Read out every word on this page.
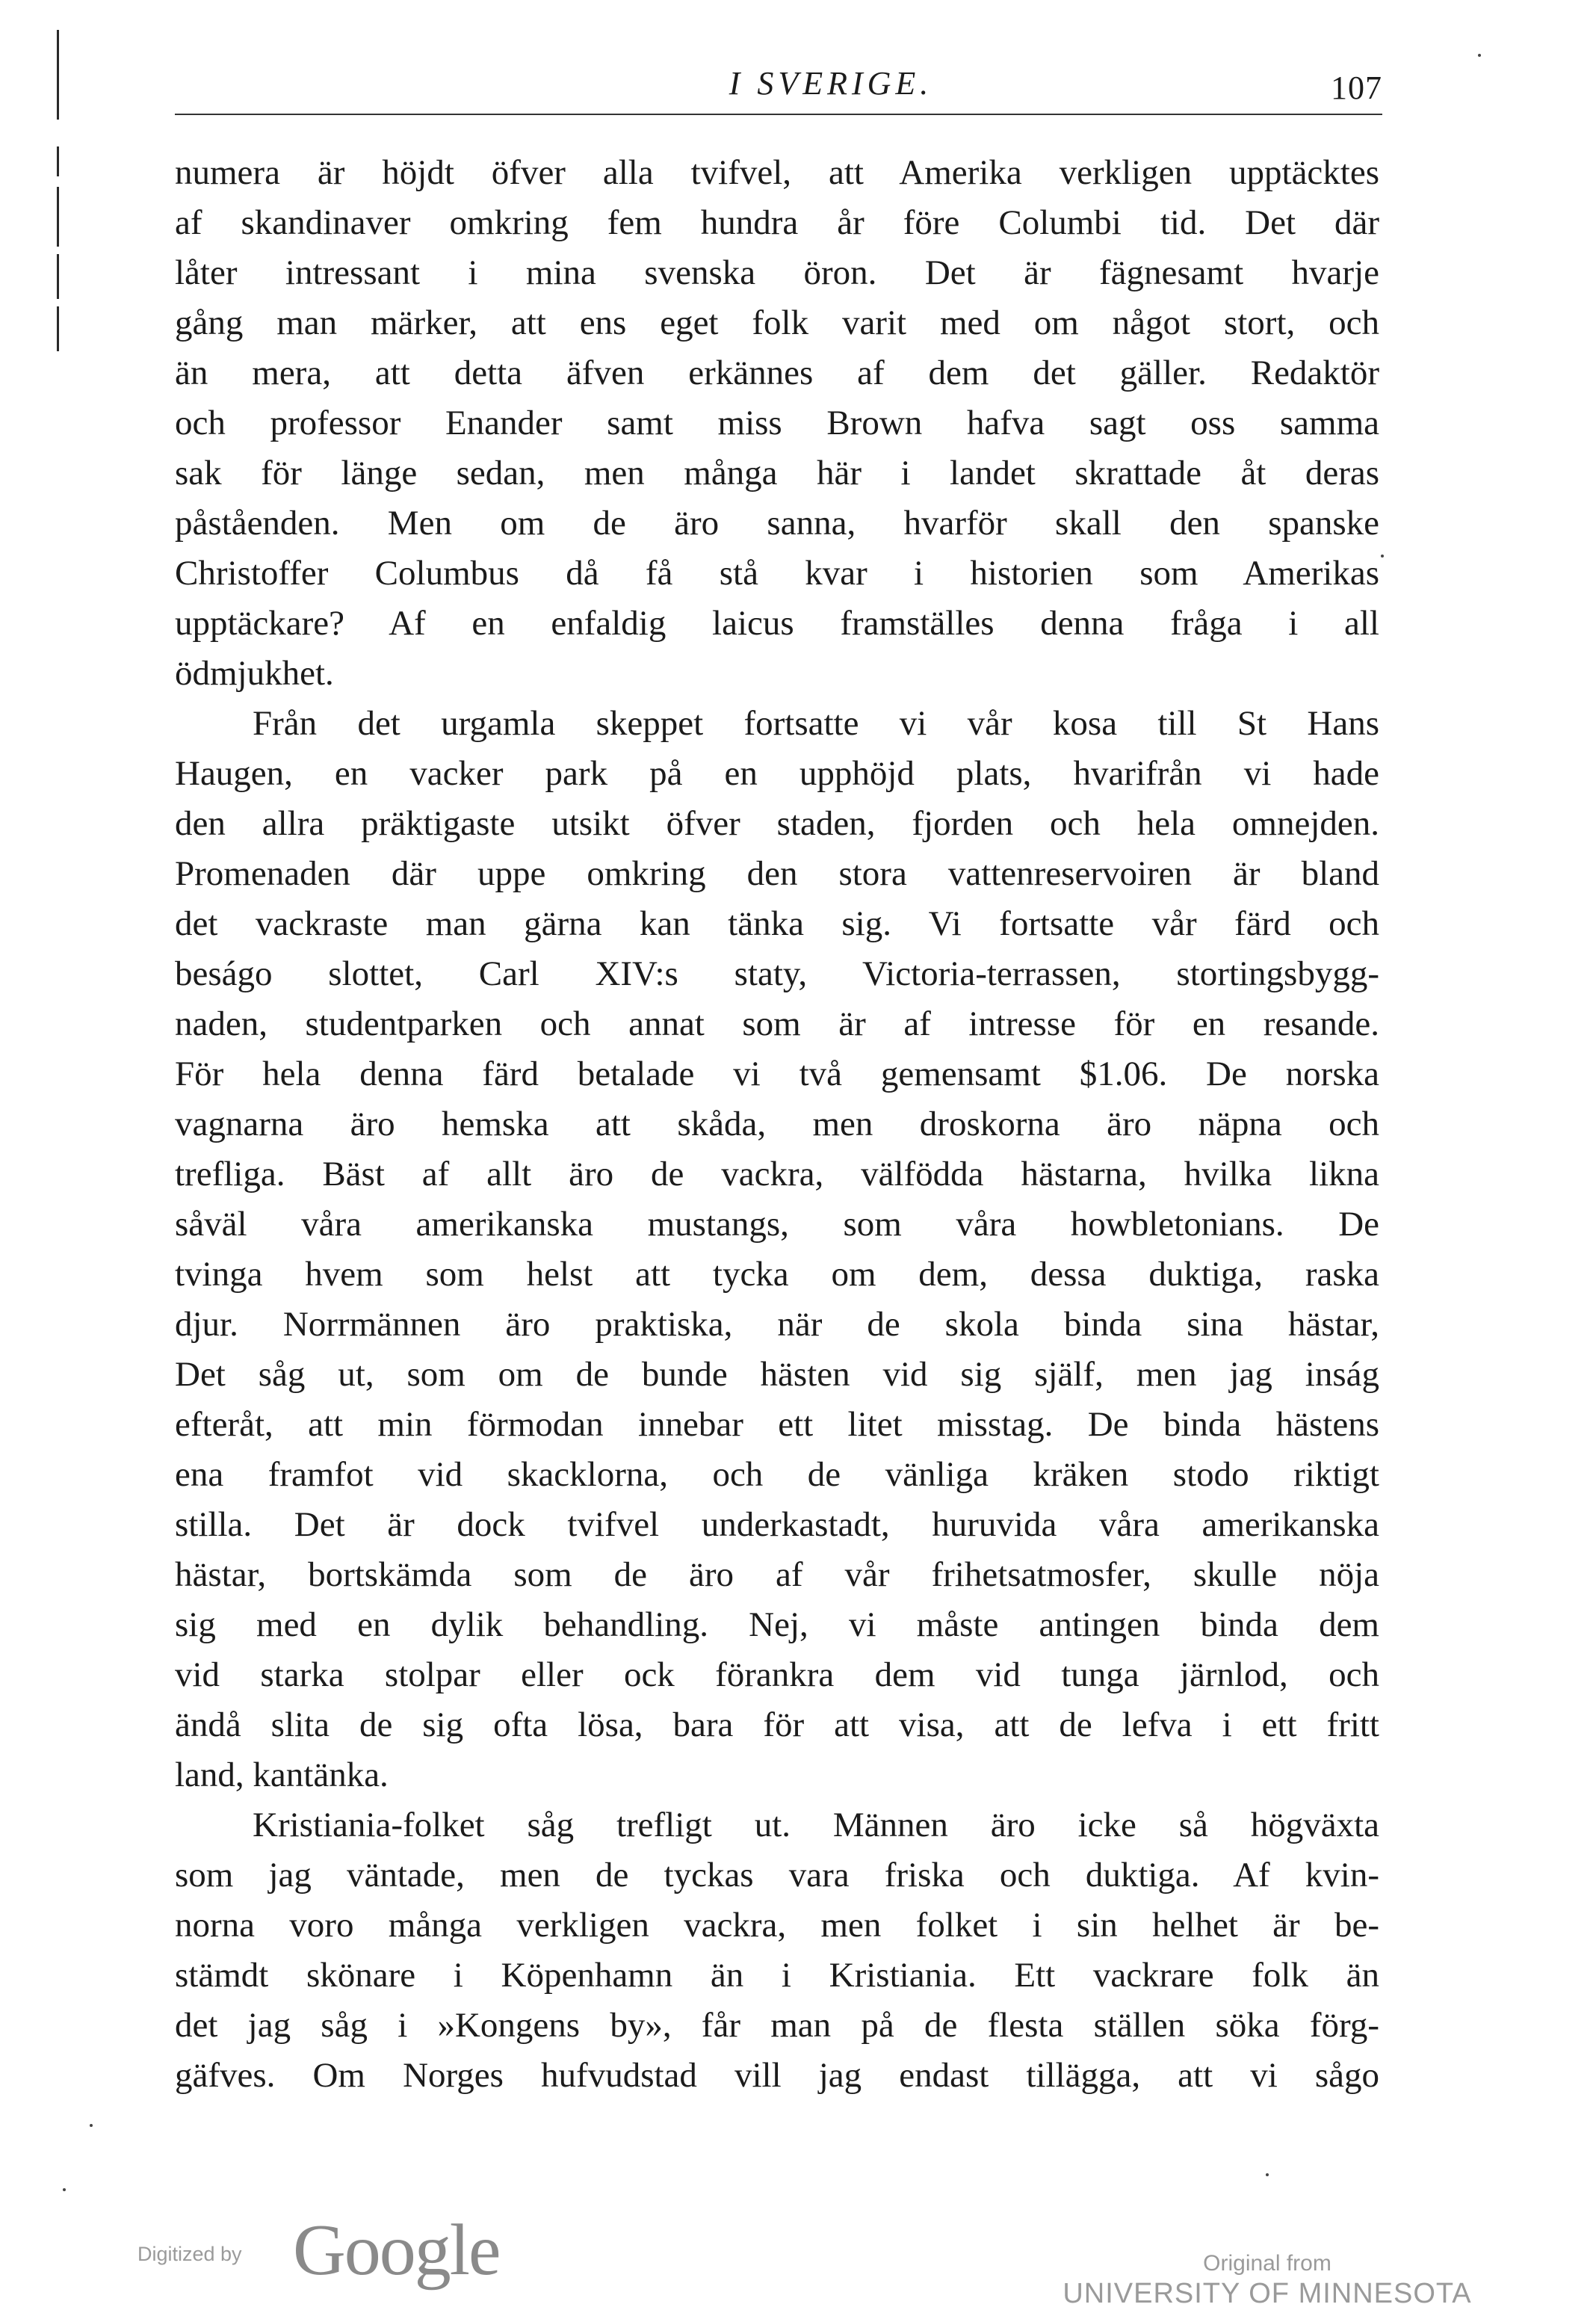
I SVERIGE.	107
numera är höjdt öfver alla tvifvel, att Amerika verkligen upptäcktes
af skandinaver omkring fem hundra år före Columbi tid. Det där
låter intressant i mina svenska öron. Det är fägnesamt hvarje
gång man märker, att ens eget folk varit med om något stort, och
än mera, att detta äfven erkännes af dem det gäller. Redaktör
och professor Enander samt miss Brown hafva sagt oss samma
sak för länge sedan, men många här i landet skrattade åt deras
påståenden. Men om de äro sanna, hvarför skall den spanske
Christoffer Columbus då få stå kvar i historien som Amerikas
upptäckare? Af en enfaldig laicus framställes denna fråga i all
ödmjukhet.
Från det urgamla skeppet fortsatte vi vår kosa till St Hans
Haugen, en vacker park på en upphöjd plats, hvarifrån vi hade
den allra präktigaste utsikt öfver staden, fjorden och hela omnejden.
Promenaden där uppe omkring den stora vattenreservoiren är bland
det vackraste man gärna kan tänka sig. Vi fortsatte vår färd och
beságo slottet, Carl XIV:s staty, Victoria-terrassen, stortingsbygg-
naden, studentparken och annat som är af intresse för en resande.
För hela denna färd betalade vi två gemensamt $1.06. De norska
vagnarna äro hemska att skåda, men droskorna äro näpna och
trefliga. Bäst af allt äro de vackra, välfödda hästarna, hvilka likna
såväl våra amerikanska mustangs, som våra howbletonians. De
tvinga hvem som helst att tycka om dem, dessa duktiga, raska
djur. Norrmännen äro praktiska, när de skola binda sina hästar,
Det såg ut, som om de bunde hästen vid sig själf, men jag inság
efteråt, att min förmodan innebar ett litet misstag. De binda hästens
ena framfot vid skacklorna, och de vänliga kräken stodo riktigt
stilla. Det är dock tvifvel underkastadt, huruvida våra amerikanska
hästar, bortskämda som de äro af vår frihetsatmosfer, skulle nöja
sig med en dylik behandling. Nej, vi måste antingen binda dem
vid starka stolpar eller ock förankra dem vid tunga järnlod, och
ändå slita de sig ofta lösa, bara för att visa, att de lefva i ett fritt
land, kantänka.
Kristiania-folket såg trefligt ut. Männen äro icke så högväxta
som jag väntade, men de tyckas vara friska och duktiga. Af kvin-
norna voro många verkligen vackra, men folket i sin helhet är be-
stämdt skönare i Köpenhamn än i Kristiania. Ett vackrare folk än
det jag såg i »Kongens by», får man på de flesta ställen söka förg-
gäfves. Om Norges hufvudstad vill jag endast tillägga, att vi sågo
Digitized by Google	Original from
UNIVERSITY OF MINNESOTA
